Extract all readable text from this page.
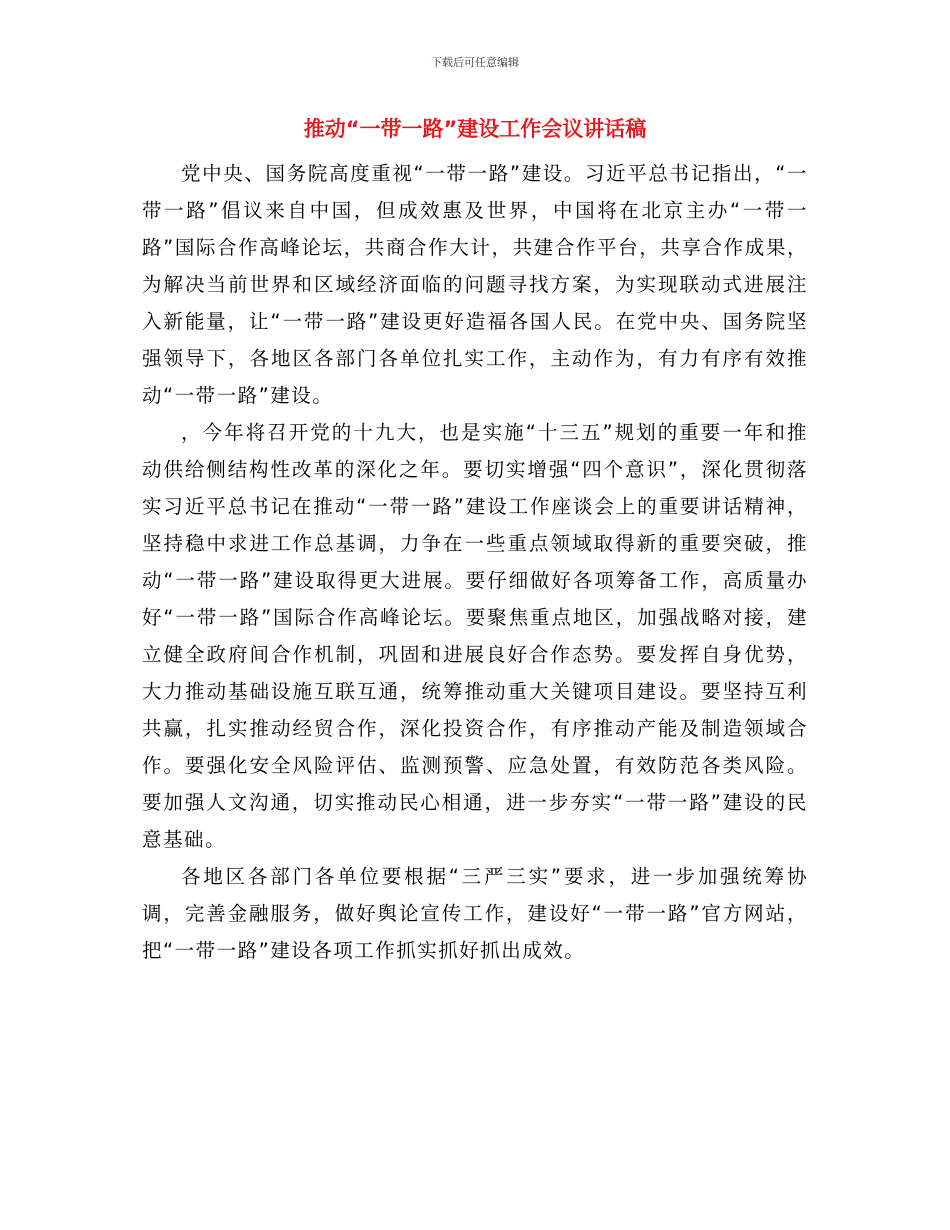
下载后可任意编辑
推动“一带一路”建设工作会议讲话稿

党中央、国务院高度重视“一带一路”建设。习近平总书记指出，“一带一路”倡议来自中国，但成效惠及世界，中国将在北京主办“一带一路”国际合作高峰论坛，共商合作大计，共建合作平台，共享合作成果，为解决当前世界和区域经济面临的问题寻找方案，为实现联动式进展注入新能量，让“一带一路”建设更好造福各国人民。在党中央、国务院坚强领导下，各地区各部门各单位扎实工作，主动作为，有力有序有效推动“一带一路”建设。

，今年将召开党的十九大，也是实施“十三五”规划的重要一年和推动供给侧结构性改革的深化之年。要切实增强“四个意识”，深化贯彻落实习近平总书记在推动“一带一路”建设工作座谈会上的重要讲话精神，坚持稳中求进工作总基调，力争在一些重点领域取得新的重要突破，推动“一带一路”建设取得更大进展。要仔细做好各项筹备工作，高质量办好“一带一路”国际合作高峰论坛。要聚焦重点地区，加强战略对接，建立健全政府间合作机制，巩固和进展良好合作态势。要发挥自身优势，大力推动基础设施互联互通，统筹推动重大关键项目建设。要坚持互利共赢，扎实推动经贸合作，深化投资合作，有序推动产能及制造领域合作。要强化安全风险评估、监测预警、应急处置，有效防范各类风险。要加强人文沟通，切实推动民心相通，进一步夯实“一带一路”建设的民意基础。

各地区各部门各单位要根据“三严三实”要求，进一步加强统筹协调，完善金融服务，做好舆论宣传工作，建设好“一带一路”官方网站，把“一带一路”建设各项工作抓实抓好抓出成效。
